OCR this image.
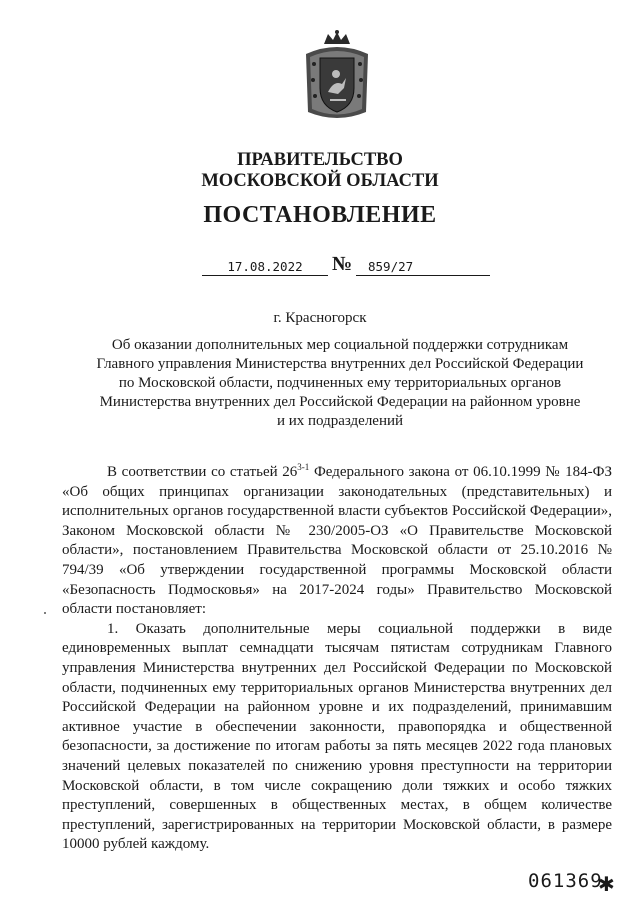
ПРАВИТЕЛЬСТВО
МОСКОВСКОЙ ОБЛАСТИ
ПОСТАНОВЛЕНИЕ
17.08.2022	№	859/27
г. Красногорск
Об оказании дополнительных мер социальной поддержки сотрудникам
Главного управления Министерства внутренних дел Российской Федерации
по Московской области, подчиненных ему территориальных органов
Министерства внутренних дел Российской Федерации на районном уровне
и их подразделений

В соответствии со статьей 26$^{3-1}$ Федерального закона от 06.10.1999 № 184-ФЗ «Об общих принципах организации законодательных (представительных) и исполнительных органов государственной власти субъектов Российской Федерации», Законом Московской области № 230/2005-ОЗ «О Правительстве Московской области», постановлением Правительства Московской области от 25.10.2016 № 794/39 «Об утверждении государственной программы Московской области «Безопасность Подмосковья» на 2017-2024 годы» Правительство Московской области постановляет:

1. Оказать дополнительные меры социальной поддержки в виде единовременных выплат семнадцати тысячам пятистам сотрудникам Главного управления Министерства внутренних дел Российской Федерации по Московской области, подчиненных ему территориальных органов Министерства внутренних дел Российской Федерации на районном уровне и их подразделений, принимавшим активное участие в обеспечении законности, правопорядка и общественной безопасности, за достижение по итогам работы за пять месяцев 2022 года плановых значений целевых показателей по снижению уровня преступности на территории Московской области, в том числе сокращению доли тяжких и особо тяжких преступлений, совершенных в общественных местах, в общем количестве преступлений, зарегистрированных на территории Московской области, в размере 10000 рублей каждому.

061369
✱
